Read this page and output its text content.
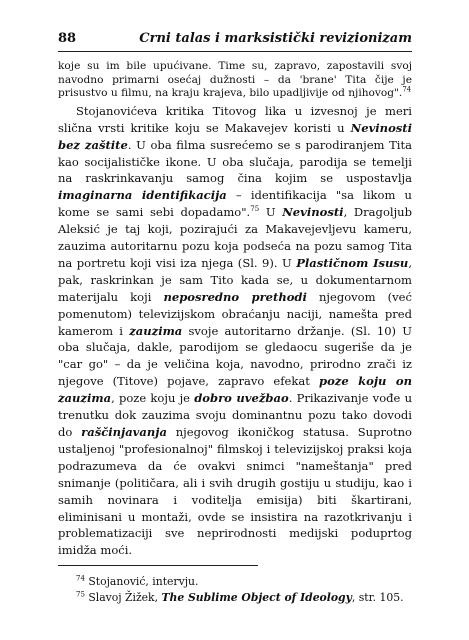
88	Crni talas i marksistički revizionizam

koje su im bile upućivane. Time su, zapravo, zapostavili svoj navodno primarni osećaj dužnosti – da 'brane' Tita čije je prisustvo u filmu, na kraju krajeva, bilo upadljivije od njihovog".$^{74}$

Stojanovićeva kritika Titovog lika u izvesnoj je meri slična vrsti kritike koju se Makavejev koristi u Nevinosti bez zaštite. U oba filma susrećemo se s parodiranjem Tita kao socijalističke ikone. U oba slučaja, parodija se temelji na raskrinkavanju samog čina kojim se uspostavlja imaginarna identifikacija – identifikacija "sa likom u kome se sami sebi dopadamo".$^{75}$ U Nevinosti, Dragoljub Aleksić je taj koji, pozirajući za Makavejevljevu kameru, zauzima autoritarnu pozu koja podseća na pozu samog Tita na portretu koji visi iza njega (Sl. 9). U Plastičnom Isusu, pak, raskrinkan je sam Tito kada se, u dokumentarnom materijalu koji neposredno prethodi njegovom (već pomenutom) televizijskom obraćanju naciji, namešta pred kamerom i zauzima svoje autoritarno držanje. (Sl. 10) U oba slučaja, dakle, parodijom se gledaocu sugeriše da je "car go" – da je veličina koja, navodno, prirodno zrači iz njegove (Titove) pojave, zapravo efekat poze koju on zauzima, poze koju je dobro uvežbao. Prikazivanje vođe u trenutku dok zauzima svoju dominantnu pozu tako dovodi do raščinjavanja njegovog ikoničkog statusa. Suprotno ustaljenoj "profesionalnoj" filmskoj i televizijskoj praksi koja podrazumeva da će ovakvi snimci "nameštanja" pred snimanje (političara, ali i svih drugih gostiju u studiju, kao i samih novinara i voditelja emisija) biti škartirani, eliminisani u montaži, ovde se insistira na razotkrivanju i problematizaciji sve neprirodnosti medijski poduprtog imidža moći.

$^{74}$ Stojanović, intervju.
$^{75}$ Slavoj Žižek, The Sublime Object of Ideology, str. 105.
